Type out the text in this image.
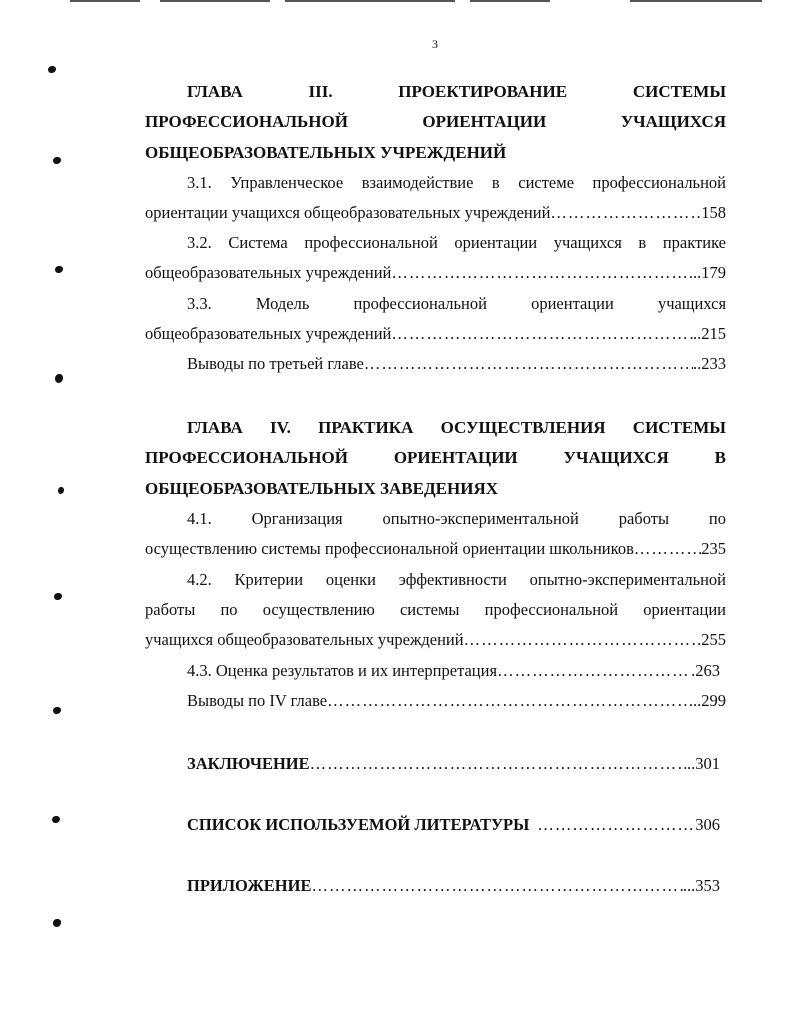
3
ГЛАВА	III.	ПРОЕКТИРОВАНИЕ	СИСТЕМЫ
ПРОФЕССИОНАЛЬНОЙ	ОРИЕНТАЦИИ	УЧАЩИХСЯ
ОБЩЕОБРАЗОВАТЕЛЬНЫХ УЧРЕЖДЕНИЙ
3.1. Управленческое взаимодействие в системе профессиональной
ориентации учащихся общеобразовательных учреждений ………………………………………………………………………………………………………………………………………………	158
3.2. Система профессиональной ориентации учащихся в практике
общеобразовательных учреждений ………………………………………………………………………………………………………………………………………………	...179
3.3.	Модель	профессиональной	ориентации	учащихся
общеобразовательных учреждений ………………………………………………………………………………………………………………………………………………	..215
Выводы по третьей главе ………………………………………………………………………………………………………………………………………………	..233
ГЛАВА IV. ПРАКТИКА ОСУЩЕСТВЛЕНИЯ СИСТЕМЫ
ПРОФЕССИОНАЛЬНОЙ	ОРИЕНТАЦИИ	УЧАЩИХСЯ	В
ОБЩЕОБРАЗОВАТЕЛЬНЫХ ЗАВЕДЕНИЯХ
4.1. Организация опытно-экспериментальной работы по
осуществлению системы профессиональной ориентации школьников ………………………………………………………………………………………………………………………………………………	235
4.2. Критерии оценки эффективности опытно-экспериментальной
работы по осуществлению системы профессиональной ориентации
учащихся общеобразовательных учреждений ………………………………………………………………………………………………………………………………………………	.255
4.3. Оценка результатов и их интерпретация ………………………………………………………………………………………………………………………………………………	.263
Выводы по IV главе ………………………………………………………………………………………………………………………………………………	..299
ЗАКЛЮЧЕНИЕ ………………………………………………………………………………………………………………………………………………	..301
СПИСОК ИСПОЛЬЗУЕМОЙ ЛИТЕРАТУРЫ ………………………………………………………………………………………………………………………………………………	306
ПРИЛОЖЕНИЕ ………………………………………………………………………………………………………………………………………………	...353
